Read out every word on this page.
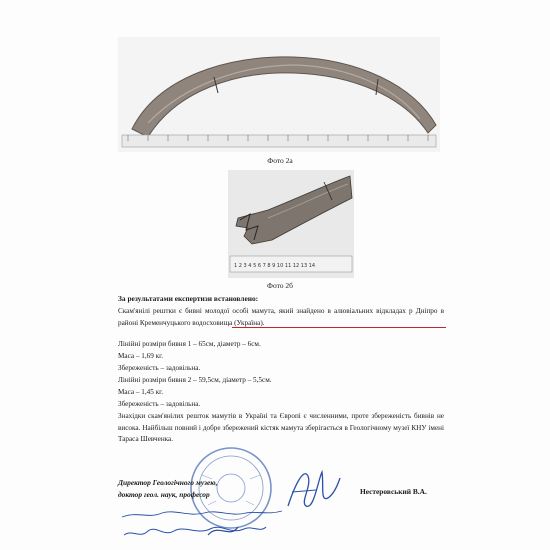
Фото 2а
1 2 3 4 5 6 7 8 9 10 11 12 13 14
Фото 2б
За результатами експертизи встановлено:
Скам'янілі рештки є бивні молодої особі мамута, який знайдено в алювіальних відкладах р Дніпро в районі Кременчуцького водосховища (Україна).
Лінійні розміри бивня 1 – 65см, діаметр – 6см.
Маса – 1,69 кг.
Збереженість – задовільна.
Лінійні розміри бивня 2 – 59,5см, діаметр – 5,5см.
Маса – 1,45 кг.
Збереженість – задовільна.
Знахідки скам'янілих решток мамутів в Україні та Європі є численними, проте збереженість бивнів не висока. Найбільш повний і добре збережений кістяк мамута зберігається в Геологічному музеї КНУ імені Тараса Шевченка.
Директор Геологічного музею,
доктор геол. наук, професор	Нестеровський В.А.
